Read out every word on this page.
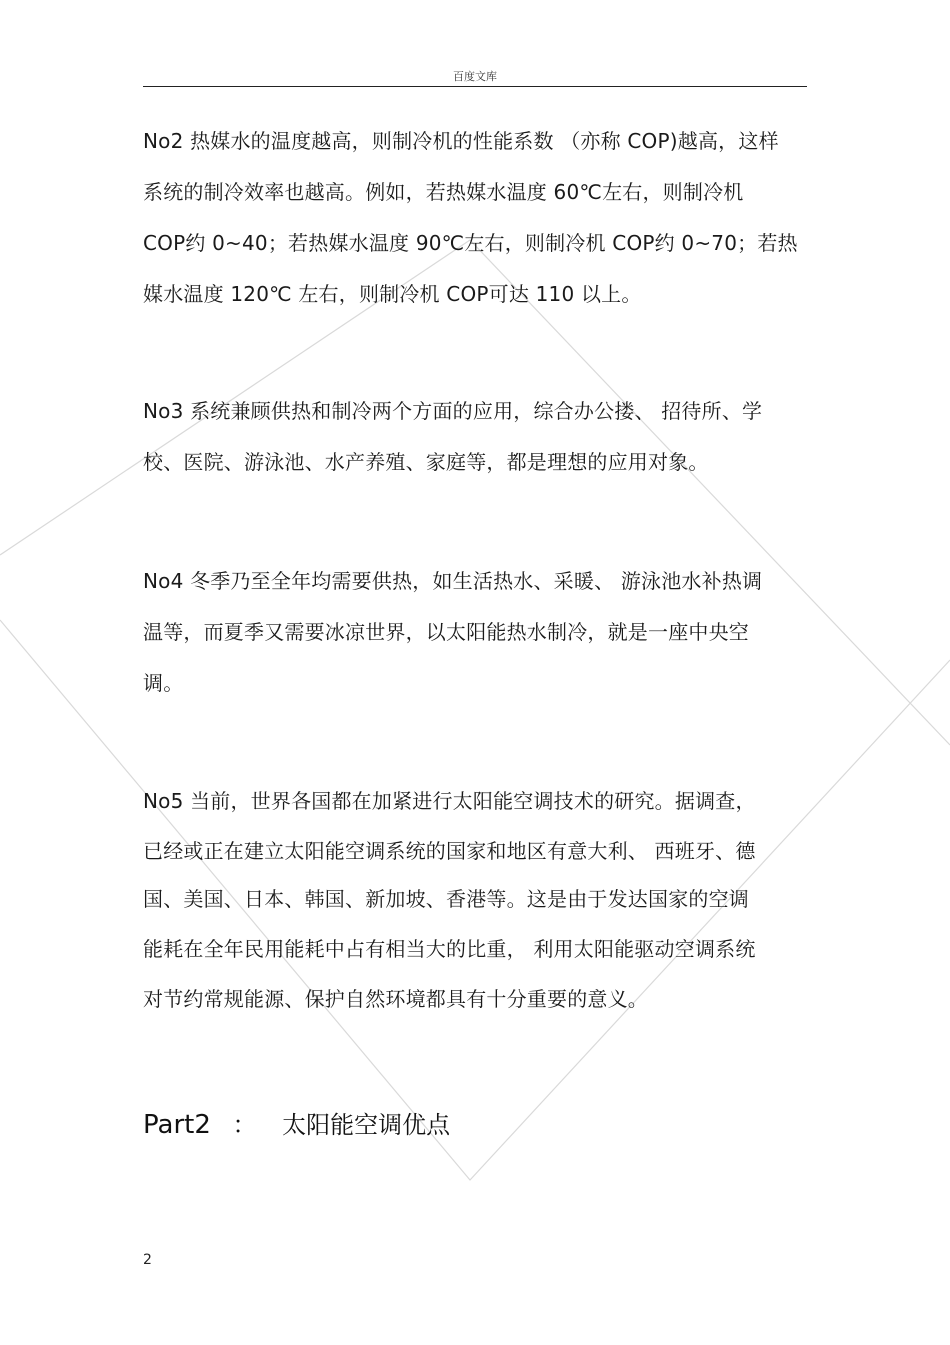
百度文库
No2 热媒水的温度越高，则制冷机的性能系数 （亦称 COP)越高，这样
系统的制冷效率也越高。例如，若热媒水温度 60℃左右，则制冷机
COP约 0~40；若热媒水温度 90℃左右，则制冷机 COP约 0~70；若热
媒水温度 120℃ 左右，则制冷机 COP可达 110 以上。
No3 系统兼顾供热和制冷两个方面的应用，综合办公搂、 招待所、学
校、医院、游泳池、水产养殖、家庭等，都是理想的应用对象。
No4 冬季乃至全年均需要供热，如生活热水、采暖、 游泳池水补热调
温等，而夏季又需要冰凉世界，以太阳能热水制冷，就是一座中央空
调。
No5 当前，世界各国都在加紧进行太阳能空调技术的研究。据调查，
已经或正在建立太阳能空调系统的国家和地区有意大利、 西班牙、德
国、美国、日本、韩国、新加坡、香港等。这是由于发达国家的空调
能耗在全年民用能耗中占有相当大的比重， 利用太阳能驱动空调系统
对节约常规能源、保护自然环境都具有十分重要的意义。
Part2 ： 太阳能空调优点
2
